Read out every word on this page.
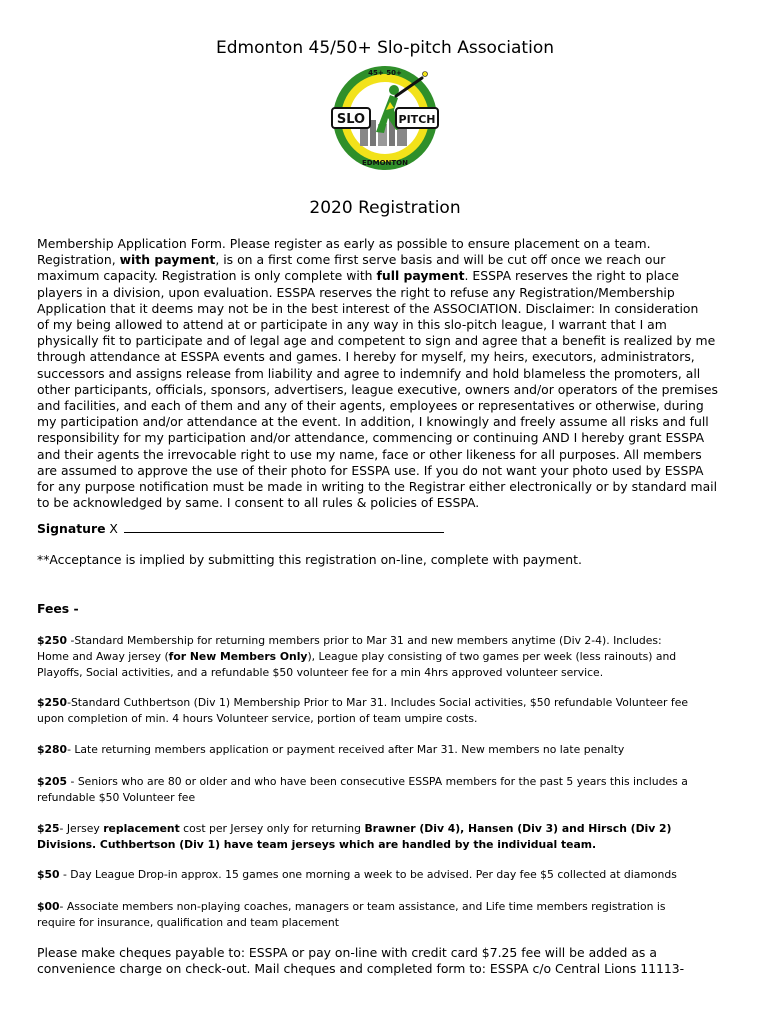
Edmonton 45/50+ Slo-pitch Association
SLO	PITCH
45+ 50+
EDMONTON
2020 Registration

Membership Application Form. Please register as early as possible to ensure placement on a team.
Registration, with payment, is on a first come first serve basis and will be cut off once we reach our
maximum capacity. Registration is only complete with full payment. ESSPA reserves the right to place
players in a division, upon evaluation. ESSPA reserves the right to refuse any Registration/Membership
Application that it deems may not be in the best interest of the ASSOCIATION. Disclaimer: In consideration
of my being allowed to attend at or participate in any way in this slo-pitch league, I warrant that I am
physically fit to participate and of legal age and competent to sign and agree that a benefit is realized by me
through attendance at ESSPA events and games. I hereby for myself, my heirs, executors, administrators,
successors and assigns release from liability and agree to indemnify and hold blameless the promoters, all
other participants, officials, sponsors, advertisers, league executive, owners and/or operators of the premises
and facilities, and each of them and any of their agents, employees or representatives or otherwise, during
my participation and/or attendance at the event. In addition, I knowingly and freely assume all risks and full
responsibility for my participation and/or attendance, commencing or continuing AND I hereby grant ESSPA
and their agents the irrevocable right to use my name, face or other likeness for all purposes. All members
are assumed to approve the use of their photo for ESSPA use. If you do not want your photo used by ESSPA
for any purpose notification must be made in writing to the Registrar either electronically or by standard mail
to be acknowledged by same. I consent to all rules & policies of ESSPA.

Signature X
**Acceptance is implied by submitting this registration on-line, complete with payment.
Fees -

$250 -Standard Membership for returning members prior to Mar 31 and new members anytime (Div 2-4). Includes:
Home and Away jersey (for New Members Only), League play consisting of two games per week (less rainouts) and
Playoffs, Social activities, and a refundable $50 volunteer fee for a min 4hrs approved volunteer service.

$250-Standard Cuthbertson (Div 1) Membership Prior to Mar 31. Includes Social activities, $50 refundable Volunteer fee
upon completion of min. 4 hours Volunteer service, portion of team umpire costs.

$280- Late returning members application or payment received after Mar 31. New members no late penalty

$205 - Seniors who are 80 or older and who have been consecutive ESSPA members for the past 5 years this includes a
refundable $50 Volunteer fee

$25- Jersey replacement cost per Jersey only for returning Brawner (Div 4), Hansen (Div 3) and Hirsch (Div 2)
Divisions. Cuthbertson (Div 1) have team jerseys which are handled by the individual team.

$50 - Day League Drop-in approx. 15 games one morning a week to be advised. Per day fee $5 collected at diamonds

$00- Associate members non-playing coaches, managers or team assistance, and Life time members registration is
require for insurance, qualification and team placement

Please make cheques payable to: ESSPA or pay on-line with credit card $7.25 fee will be added as a
convenience charge on check-out. Mail cheques and completed form to: ESSPA c/o Central Lions 11113-
